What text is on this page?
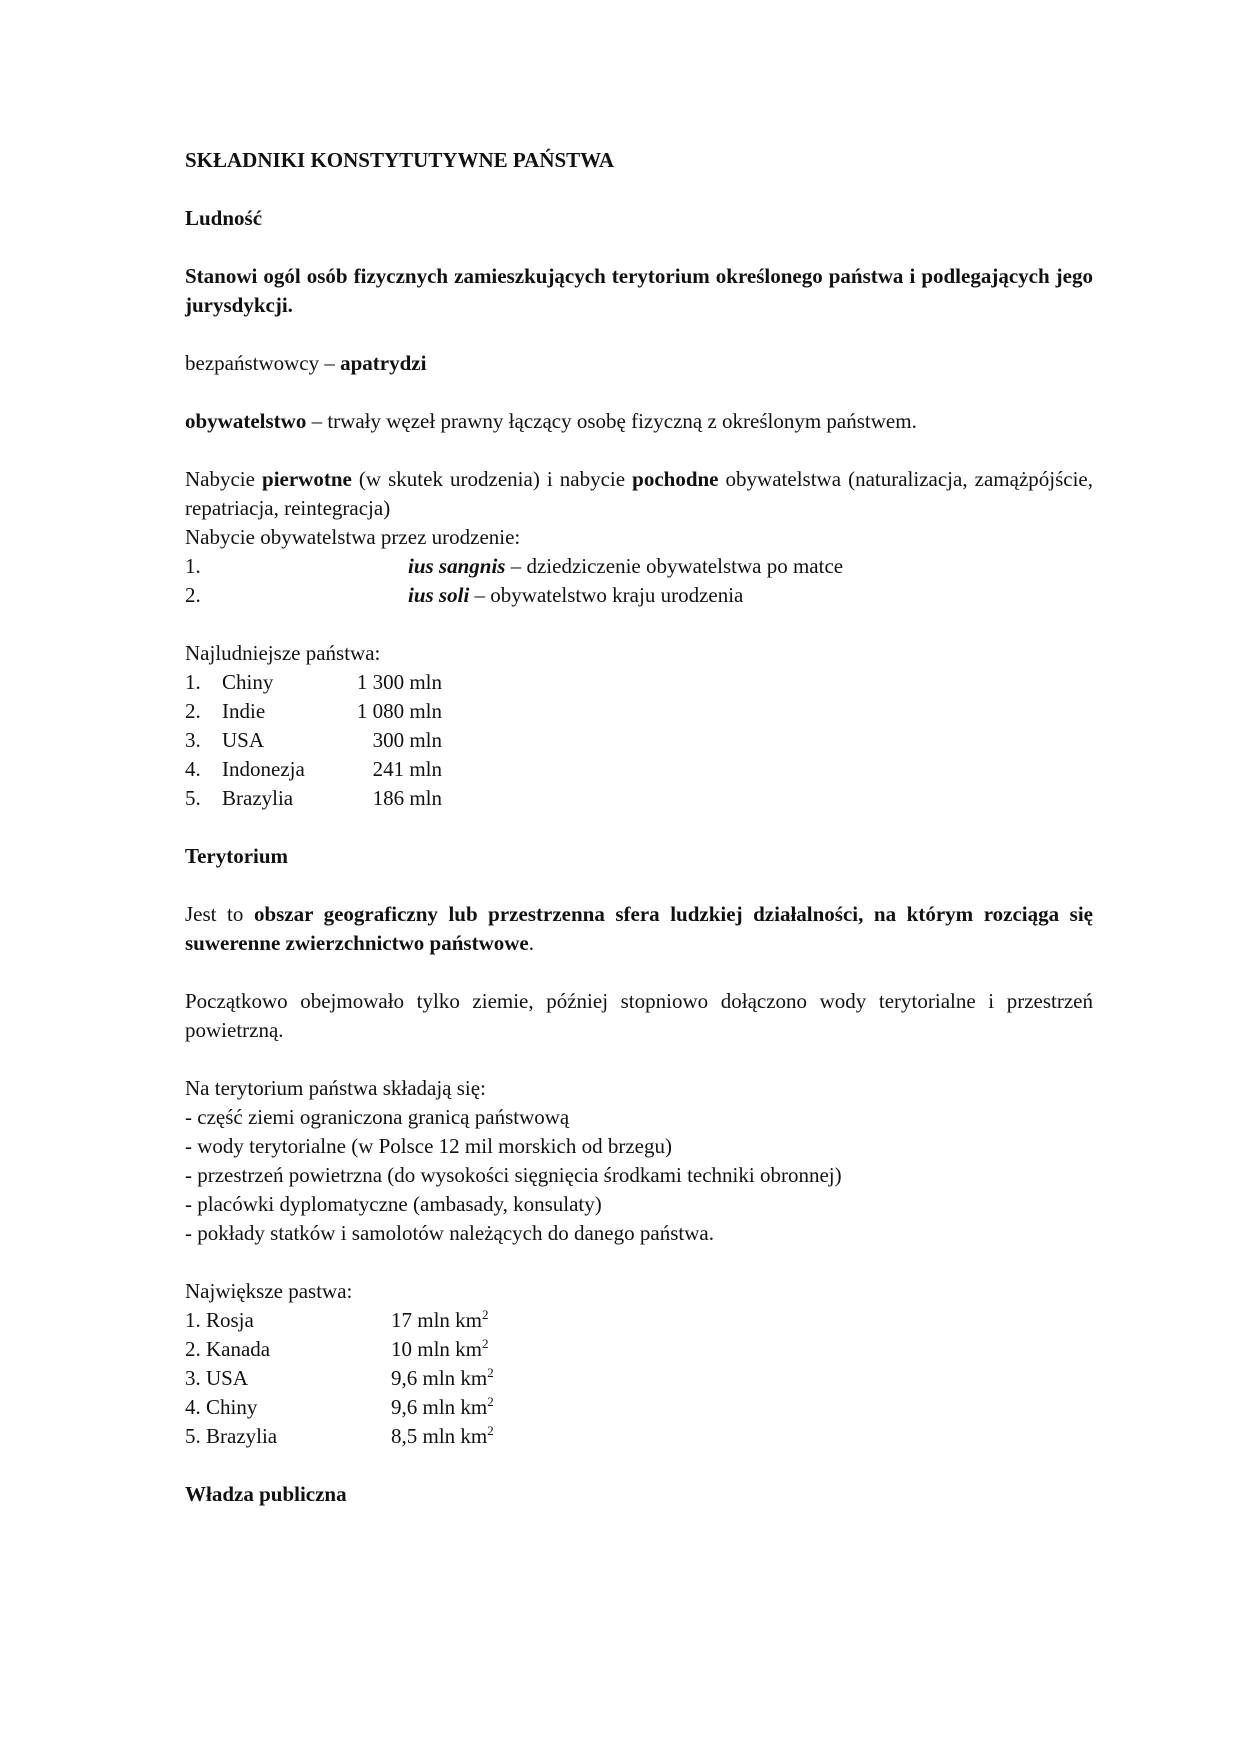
SKŁADNIKI KONSTYTUTYWNE PAŃSTWA

Ludność

Stanowi ogól osób fizycznych zamieszkujących terytorium określonego państwa i podlegających jego jurysdykcji.

bezpaństwowcy – apatrydzi

obywatelstwo – trwały węzeł prawny łączący osobę fizyczną z określonym państwem.

Nabycie pierwotne (w skutek urodzenia) i nabycie pochodne obywatelstwa (naturalizacja, zamążpójście, repatriacja, reintegracja)

Nabycie obywatelstwa przez urodzenie:

1.	ius sangnis – dziedziczenie obywatelstwa po matce
2.	ius soli – obywatelstwo kraju urodzenia

Najludniejsze państwa:

1.	Chiny	1 300 mln
2.	Indie	1 080 mln
3.	USA	300 mln
4.	Indonezja	241 mln
5.	Brazylia	186 mln

Terytorium

Jest to obszar geograficzny lub przestrzenna sfera ludzkiej działalności, na którym rozciąga się suwerenne zwierzchnictwo państwowe.

Początkowo obejmowało tylko ziemie, później stopniowo dołączono wody terytorialne i przestrzeń powietrzną.

Na terytorium państwa składają się:

- część ziemi ograniczona granicą państwową

- wody terytorialne (w Polsce 12 mil morskich od brzegu)

- przestrzeń powietrzna (do wysokości sięgnięcia środkami techniki obronnej)

- placówki dyplomatyczne (ambasady, konsulaty)

- pokłady statków i samolotów należących do danego państwa.

Największe pastwa:

1. Rosja	17 mln $km^2$
2. Kanada	10 mln $km^2$
3. USA	9,6 mln $km^2$
4. Chiny	9,6 mln $km^2$
5. Brazylia	8,5 mln $km^2$

Władza publiczna
